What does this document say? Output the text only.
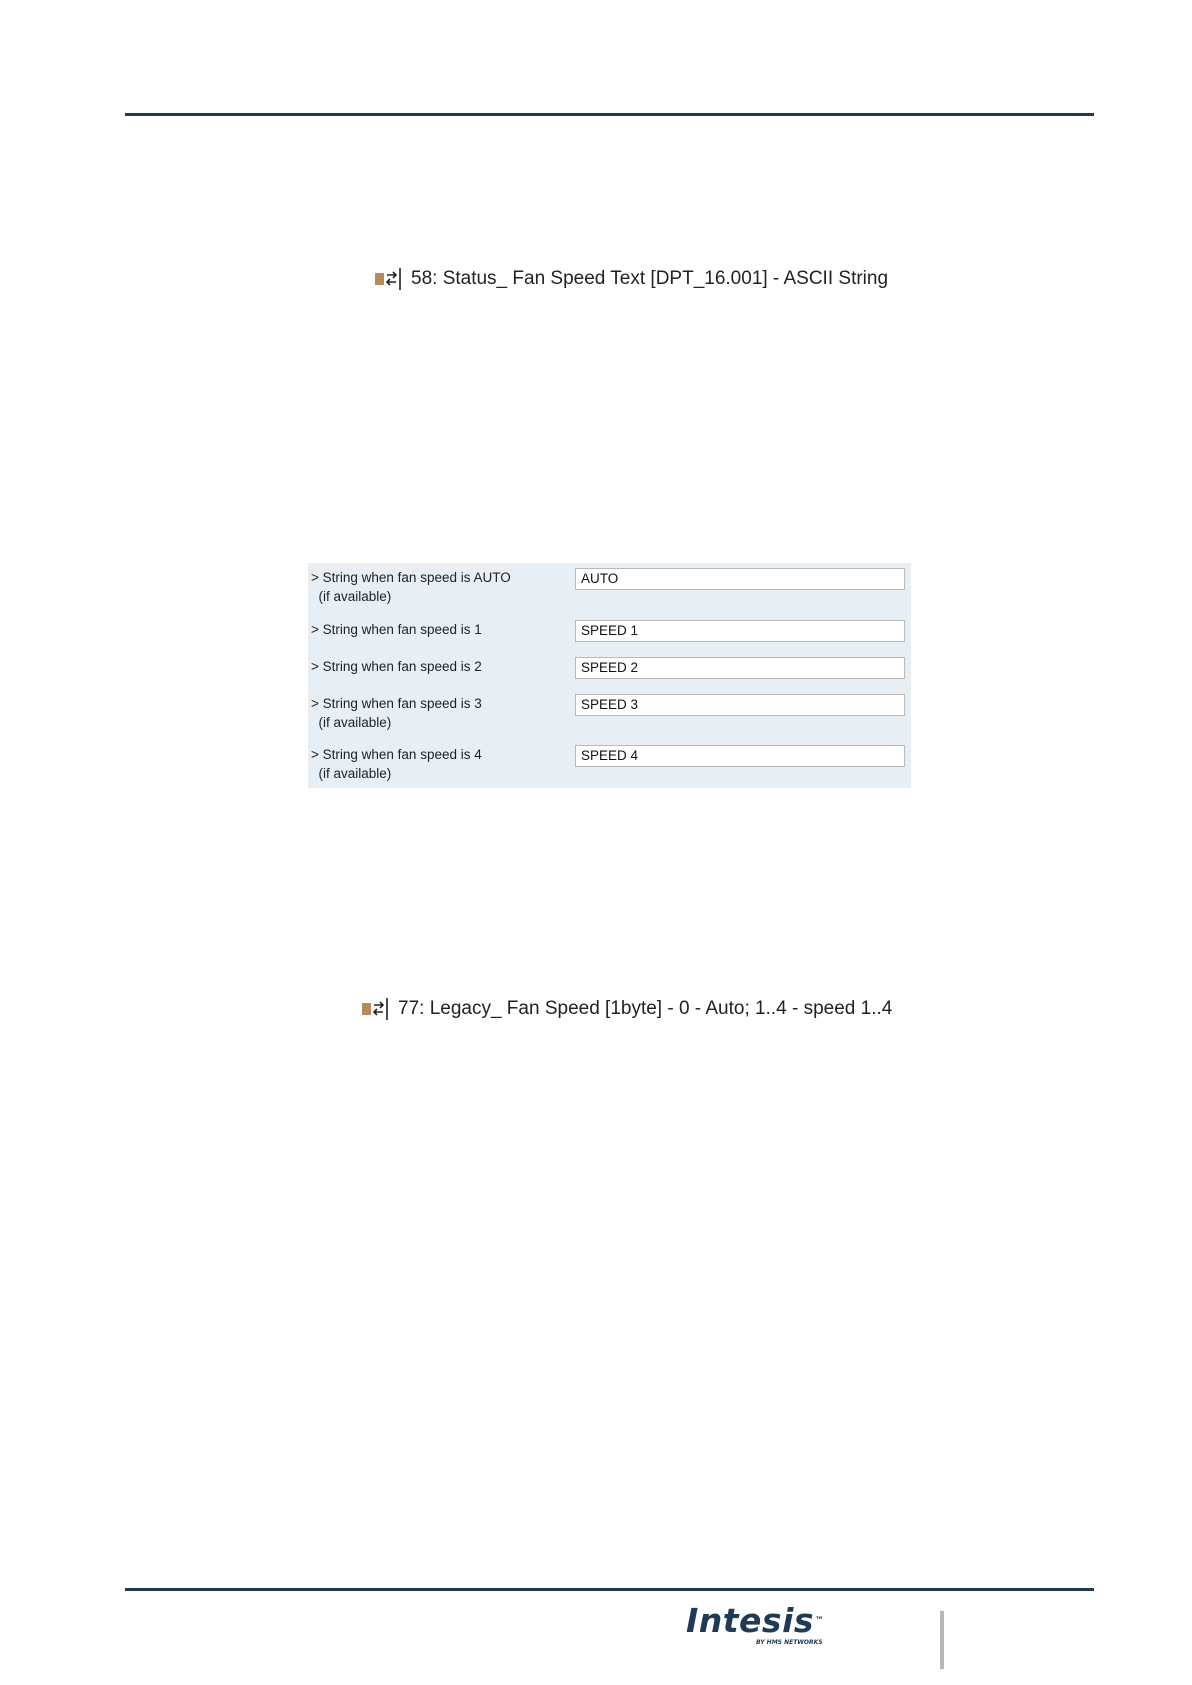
58: Status_ Fan Speed Text [DPT_16.001] - ASCII String
> String when fan speed is AUTO
(if available)
AUTO
> String when fan speed is 1	SPEED 1
> String when fan speed is 2	SPEED 2
> String when fan speed is 3
(if available)
SPEED 3
> String when fan speed is 4
(if available)
SPEED 4
77: Legacy_ Fan Speed [1byte] - 0 - Auto; 1..4 - speed 1..4
Intesis™
BY HMS NETWORKS
